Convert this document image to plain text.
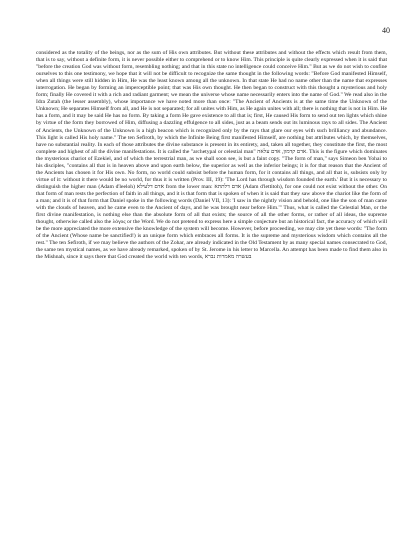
40

considered as the totality of the beings, nor as the sum of His own attributes. But without these attributes and without the effects which result from them, that is to say, without a definite form, it is never possible either to comprehend or to know Him. This principle is quite clearly expressed when it is said that "before the creation God was without form, resembling nothing; and that in this state no intelligence could conceive Him." But as we do not wish to confine ourselves to this one testimony, we hope that it will not be difficult to recognize the same thought in the following words: "Before God manifested Himself, when all things were still hidden in Him, He was the least known among all the unknown. In that state He had no name other than the name that expresses interrogation. He began by forming an imperceptible point; that was His own thought. He then began to construct with this thought a mysterious and holy form; finally He covered it with a rich and radiant garment; we mean the universe whose name necessarily enters into the name of God." We read also in the Idra Zutah (the lesser assembly), whose importance we have noted more than once: "The Ancient of Ancients is at the same time the Unknown of the Unknown; He separates Himself from all, and He is not separated; for all unites with Him, as He again unites with all; there is nothing that is not in Him. He has a form, and it may be said He has no form. By taking a form He gave existence to all that is; first, He caused His form to send out ten lights which shine by virtue of the form they borrowed of Him, diffusing a dazzling effulgence to all sides, just as a beam sends out its luminous rays to all sides. The Ancient of Ancients, the Unknown of the Unknown is a high beacon which is recognized only by the rays that glare our eyes with such brilliancy and abundance. This light is called His holy name." The ten Sefiroth, by which the Infinite Being first manifested Himself, are nothing but attributes which, by themselves, have no substantial reality. In each of those attributes the divine substance is present in its entirety, and, taken all together, they constitute the first, the most complete and highest of all the divine manifestations. It is called the "archetypal or celestial man" אדם קדמון, אדם עלאה. This is the figure which dominates the mysterious chariot of Ezekiel, and of which the terrestrial man, as we shall soon see, is but a faint copy. "The form of man," says Simeon ben Yohai to his disciples, "contains all that is in heaven above and upon earth below, the superior as well as the inferior beings; it is for that reason that the Ancient of the Ancients has chosen it for His own. No form, no world could subsist before the human form, for it contains all things, and all that is, subsists only by virtue of it: without it there would be no world, for thus it is written (Prov. III, 19): 'The Lord has through wisdom founded the earth.' But it is necessary to distinguish the higher man (Adam d'leeloh) אדם דלעילא from the lower man: אדם דלתתא (Adam d'lettitoh), for one could not exist without the other. On that form of man rests the perfection of faith in all things, and it is that form that is spoken of when it is said that they saw above the chariot like the form of a man; and it is of that form that Daniel spoke in the following words (Daniel VII, 13): 'I saw in the nightly vision and behold, one like the son of man came with the clouds of heaven, and he came even to the Ancient of days, and he was brought near before Him.'" Thus, what is called the Celestial Man, or the first divine manifestation, is nothing else than the absolute form of all that exists; the source of all the other forms, or rather of all ideas, the supreme thought, otherwise called also the λόγος or the Word. We do not pretend to express here a simple conjecture but an historical fact, the accuracy of which will be the more appreciated the more extensive the knowledge of the system will become. However, before proceeding, we may cite yet these words: "The form of the Ancient (Whose name be sanctified!) is an unique form which embraces all forms. It is the supreme and mysterious wisdom which contains all the rest." The ten Sefiroth, if we may believe the authors of the Zohar, are already indicated in the Old Testament by as many special names consecrated to God, the same ten mystical names, as we have already remarked, spoken of by St. Jerome in his letter to Marcella. An attempt has been made to find them also in the Mishnah, since it says there that God created the world with ten words, בעשרה מאמרות נברא
